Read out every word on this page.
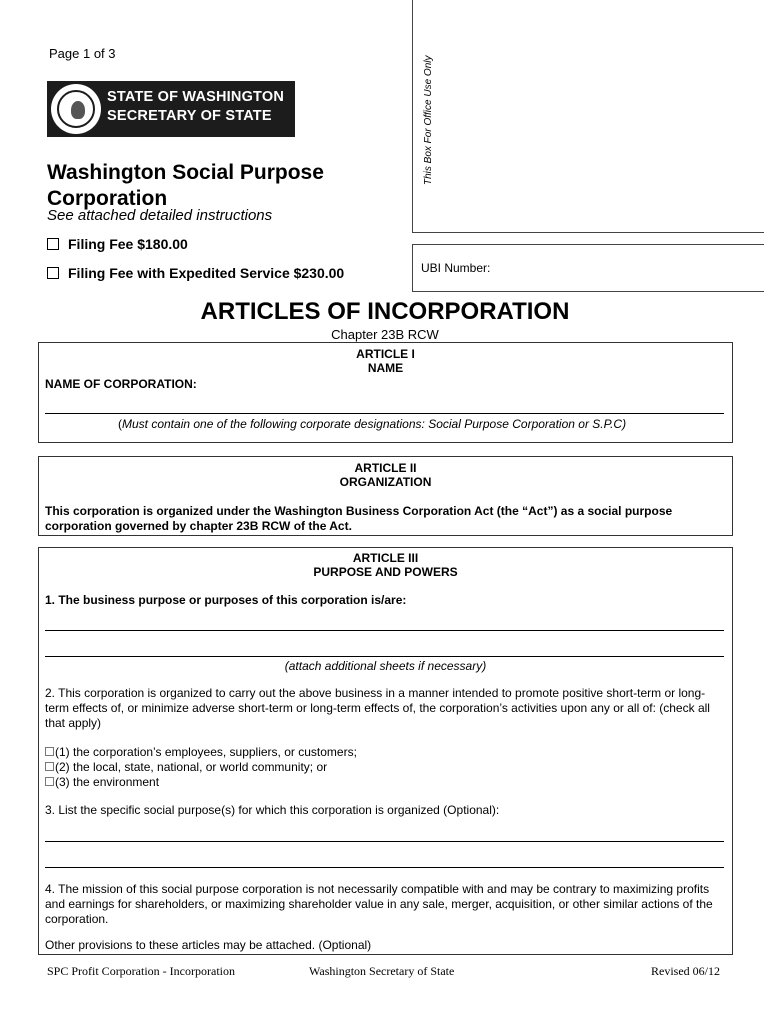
Page 1 of 3
This Box For Office Use Only
STATE OF WASHINGTON
SECRETARY OF STATE
Washington Social Purpose Corporation
See attached detailed instructions
Filing Fee $180.00
Filing Fee with Expedited Service $230.00	UBI Number:
ARTICLES OF INCORPORATION
Chapter 23B RCW
ARTICLE I
NAME
NAME OF CORPORATION:
(Must contain one of the following corporate designations: Social Purpose Corporation or S.P.C)
ARTICLE II
ORGANIZATION
This corporation is organized under the Washington Business Corporation Act (the “Act”) as a social purpose corporation governed by chapter 23B RCW of the Act.
ARTICLE III
PURPOSE AND POWERS
1. The business purpose or purposes of this corporation is/are:
(attach additional sheets if necessary)
2. This corporation is organized to carry out the above business in a manner intended to promote positive short-term or long-term effects of, or minimize adverse short-term or long-term effects of, the corporation’s activities upon any or all of: (check all that apply)
(1) the corporation’s employees, suppliers, or customers;
(2) the local, state, national, or world community; or
(3) the environment
3. List the specific social purpose(s) for which this corporation is organized (Optional):
4. The mission of this social purpose corporation is not necessarily compatible with and may be contrary to maximizing profits and earnings for shareholders, or maximizing shareholder value in any sale, merger, acquisition, or other similar actions of the corporation.
Other provisions to these articles may be attached. (Optional)
SPC Profit Corporation - Incorporation	Washington Secretary of State	Revised 06/12
